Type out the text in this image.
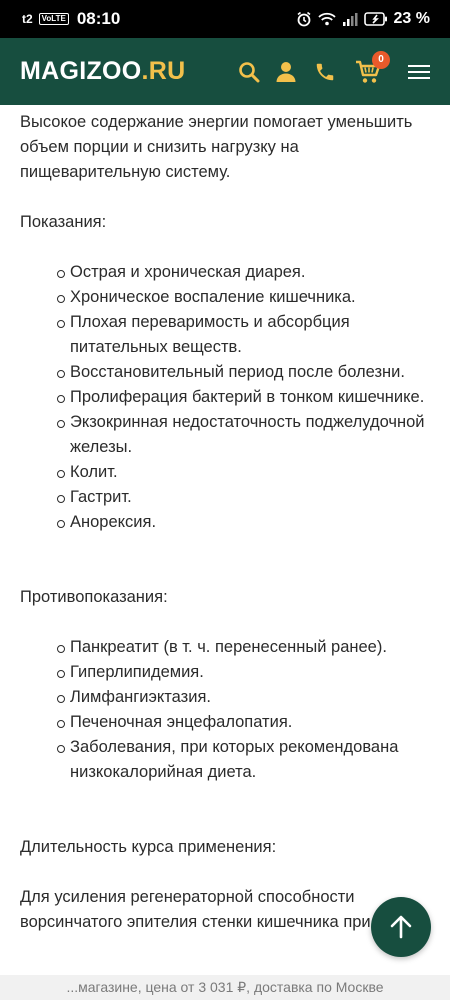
t2	VoLTE 08:10	23 %
MAGIZOO.RU	0

Высокое содержание энергии помогает уменьшить объем порции и снизить нагрузку на пищеварительную систему.

Показания:

Острая и хроническая диарея.
Хроническое воспаление кишечника.
Плохая переваримость и абсорбция питательных веществ.
Восстановительный период после болезни.
Пролиферация бактерий в тонком кишечнике.
Экзокринная недостаточность поджелудочной железы.
Колит.
Гастрит.
Анорексия.

Противопоказания:

Панкреатит (в т. ч. перенесенный ранее).
Гиперлипидемия.
Лимфангиэктазия.
Печеночная энцефалопатия.
Заболевания, при которых рекомендована низкокалорийная диета.

Длительность курса применения:

Для усиления регенераторной способности ворсинчатого эпителия стенки кишечника при

...магазине, цена от 3 031 ₽, доставка по Москве
